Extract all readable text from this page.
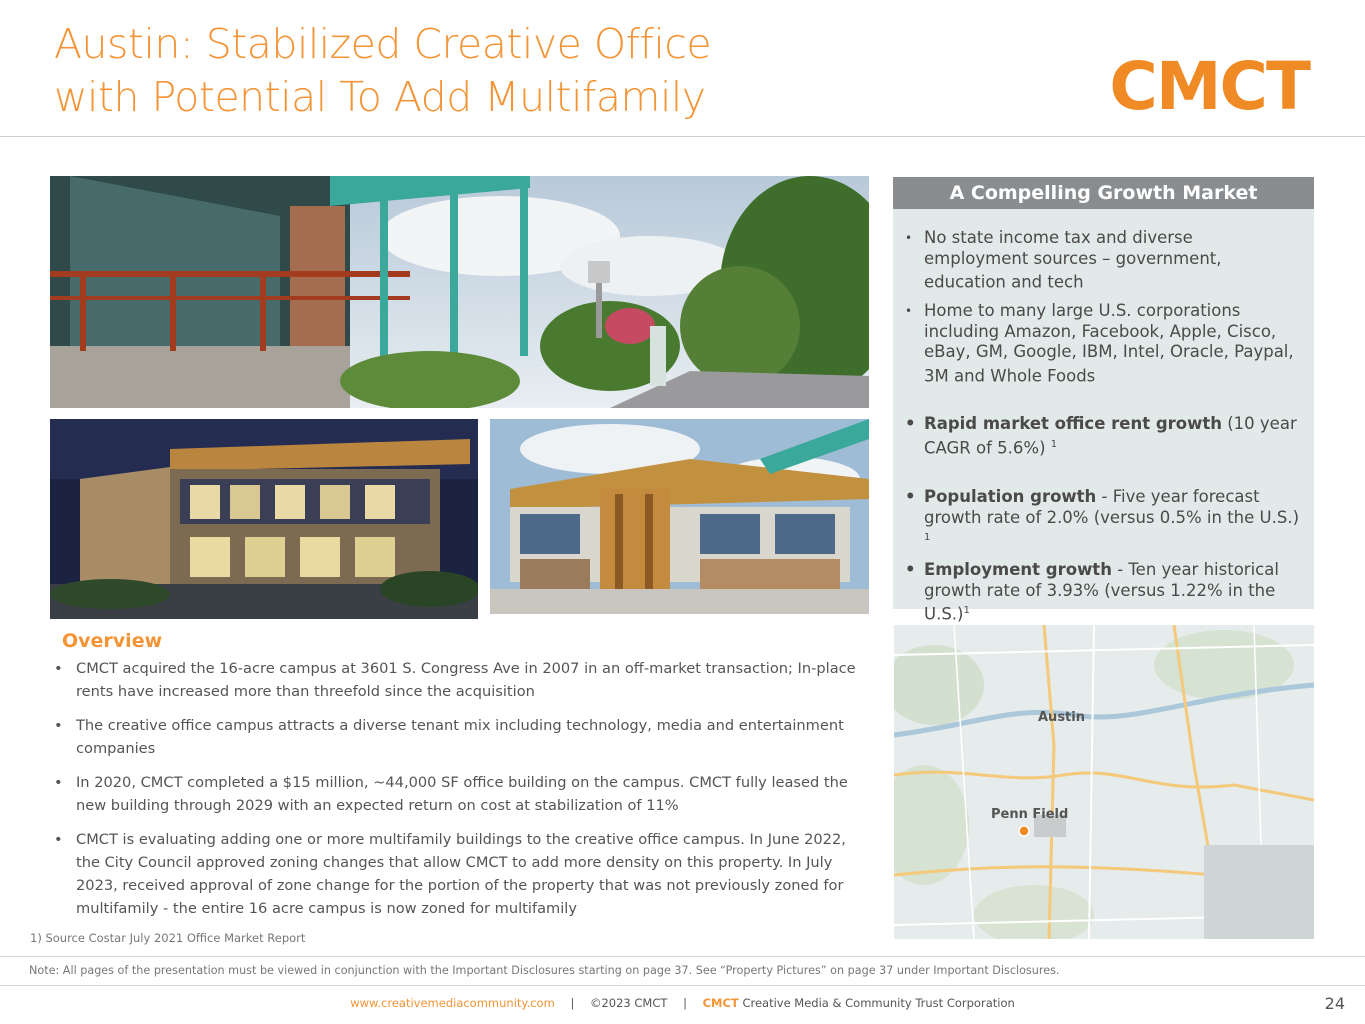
Austin: Stabilized Creative Office
with Potential To Add Multifamily	CMCT
A Compelling Growth Market
• No state income tax and diverse employment sources – government, education and tech
• Home to many large U.S. corporations including Amazon, Facebook, Apple, Cisco, eBay, GM, Google, IBM, Intel, Oracle, Paypal, 3M and Whole Foods
• Rapid market office rent growth (10 year CAGR of 5.6%) $^1$
• Population growth - Five year forecast growth rate of 2.0% (versus 0.5% in the U.S.) $^1$
• Employment growth - Ten year historical growth rate of 3.93% (versus 1.22% in the U.S.)$^1$
Austin
Penn Field
Overview
• CMCT acquired the 16-acre campus at 3601 S. Congress Ave in 2007 in an off-market transaction; In-place rents have increased more than threefold since the acquisition
• The creative office campus attracts a diverse tenant mix including technology, media and entertainment companies
• In 2020, CMCT completed a $15 million, ~44,000 SF office building on the campus. CMCT fully leased the new building through 2029 with an expected return on cost at stabilization of 11%
• CMCT is evaluating adding one or more multifamily buildings to the creative office campus. In June 2022, the City Council approved zoning changes that allow CMCT to add more density on this property. In July 2023, received approval of zone change for the portion of the property that was not previously zoned for multifamily - the entire 16 acre campus is now zoned for multifamily
1) Source Costar July 2021 Office Market Report
Note: All pages of the presentation must be viewed in conjunction with the Important Disclosures starting on page 37. See “Property Pictures” on page 37 under Important Disclosures.
www.creativemediacommunity.com | ©2023 CMCT | CMCT Creative Media & Community Trust Corporation	24
